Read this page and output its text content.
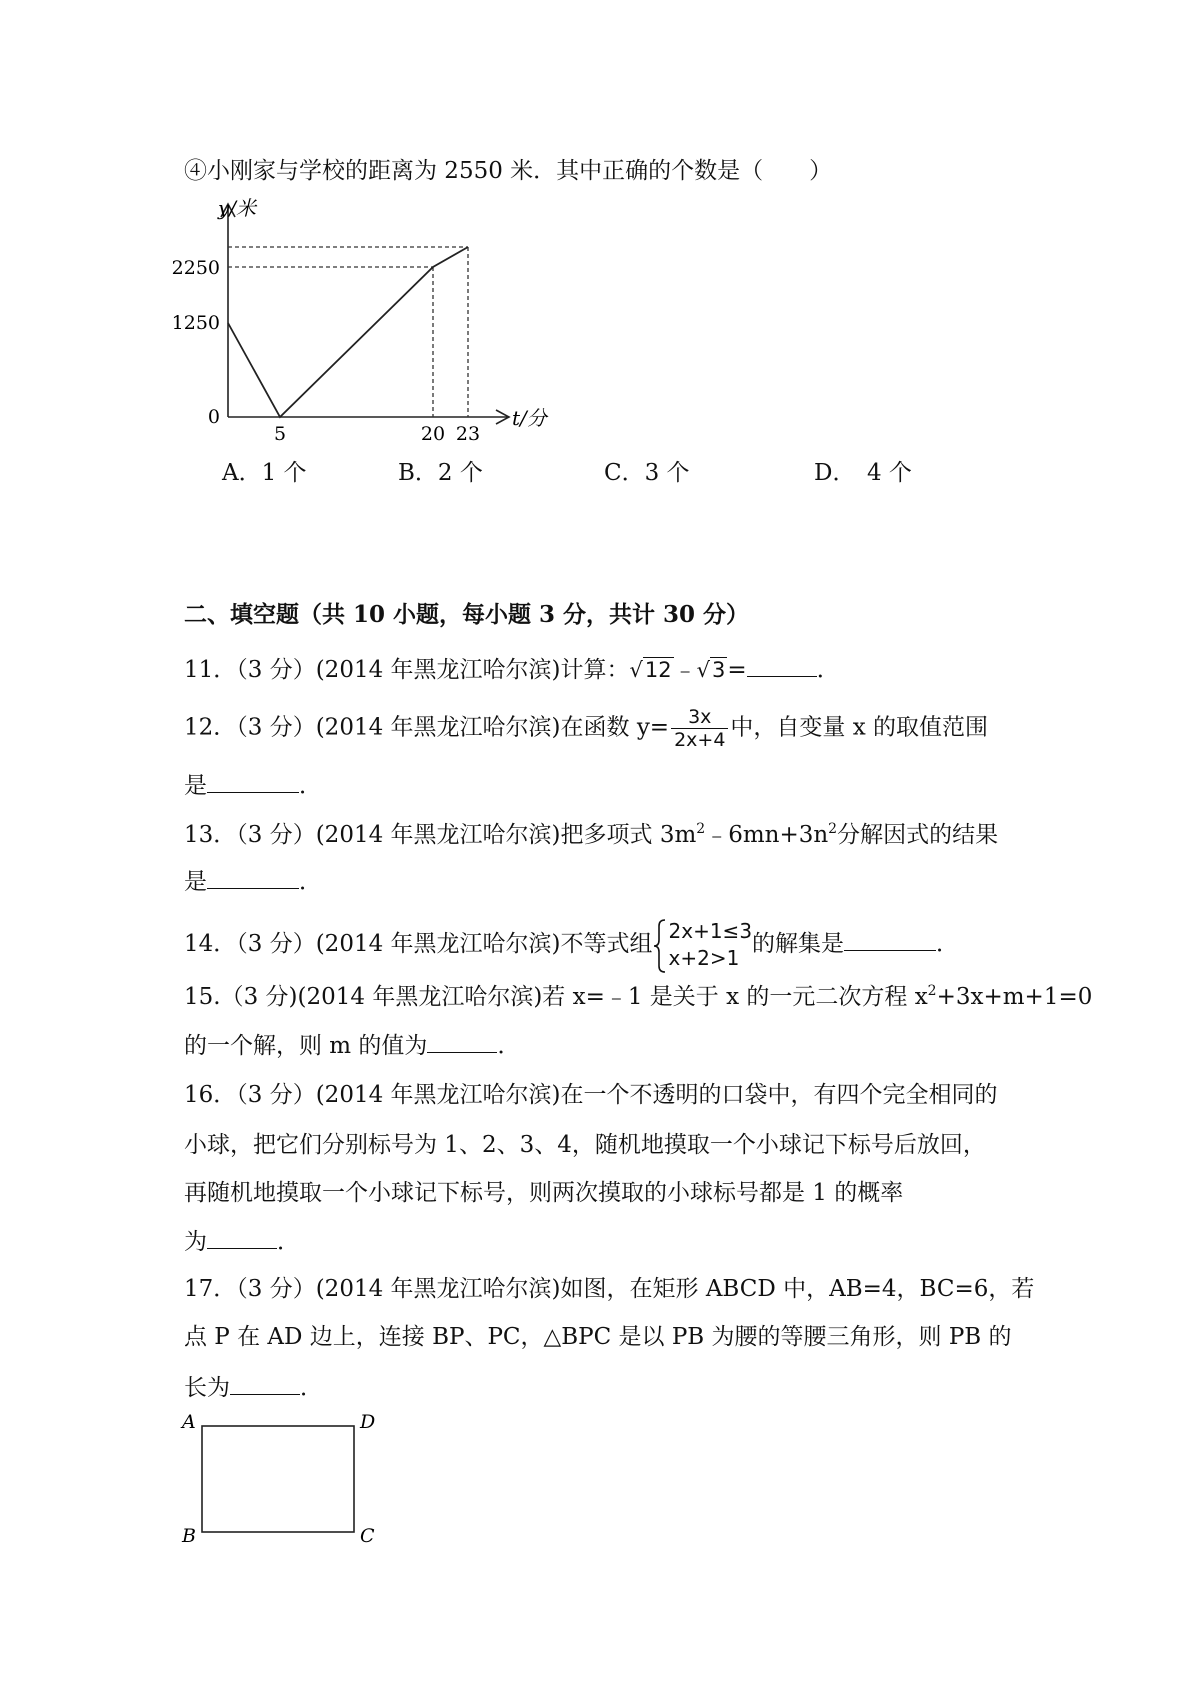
④小刚家与学校的距离为 2550 米．其中正确的个数是（　　）
y/米
t/分
2250
1250
0
5	20 23
A．1 个	B．2 个	C．3 个	D．　4 个
二、填空题（共 10 小题，每小题 3 分，共计 30 分）
11．（3 分）(2014 年黑龙江哈尔滨)计算：√12﹣√3=	．
12．（3 分）(2014 年黑龙江哈尔滨)在函数 $y= \frac{3x}{2x+4}$ 中，自变量 x 的取值范围
是	．
13．（3 分）(2014 年黑龙江哈尔滨)把多项式 $3m^2﹣6mn+3n^2$分解因式的结果
是	．
14．（3 分）(2014 年黑龙江哈尔滨)不等式组 2x+1≤3
x+2>1
的解集是	．
15.（3 分)(2014 年黑龙江哈尔滨)若 x=﹣1 是关于 x 的一元二次方程 $x^2+3x+m+1=0$
的一个解，则 m 的值为	．
16．（3 分）(2014 年黑龙江哈尔滨)在一个不透明的口袋中，有四个完全相同的
小球，把它们分别标号为 1、2、3、4，随机地摸取一个小球记下标号后放回，
再随机地摸取一个小球记下标号，则两次摸取的小球标号都是 1 的概率
为	．
17．（3 分）(2014 年黑龙江哈尔滨)如图，在矩形 ABCD 中，AB=4，BC=6，若
点 P 在 AD 边上，连接 BP、PC，△BPC 是以 PB 为腰的等腰三角形，则 PB 的
长为	．
A	D
B	C
